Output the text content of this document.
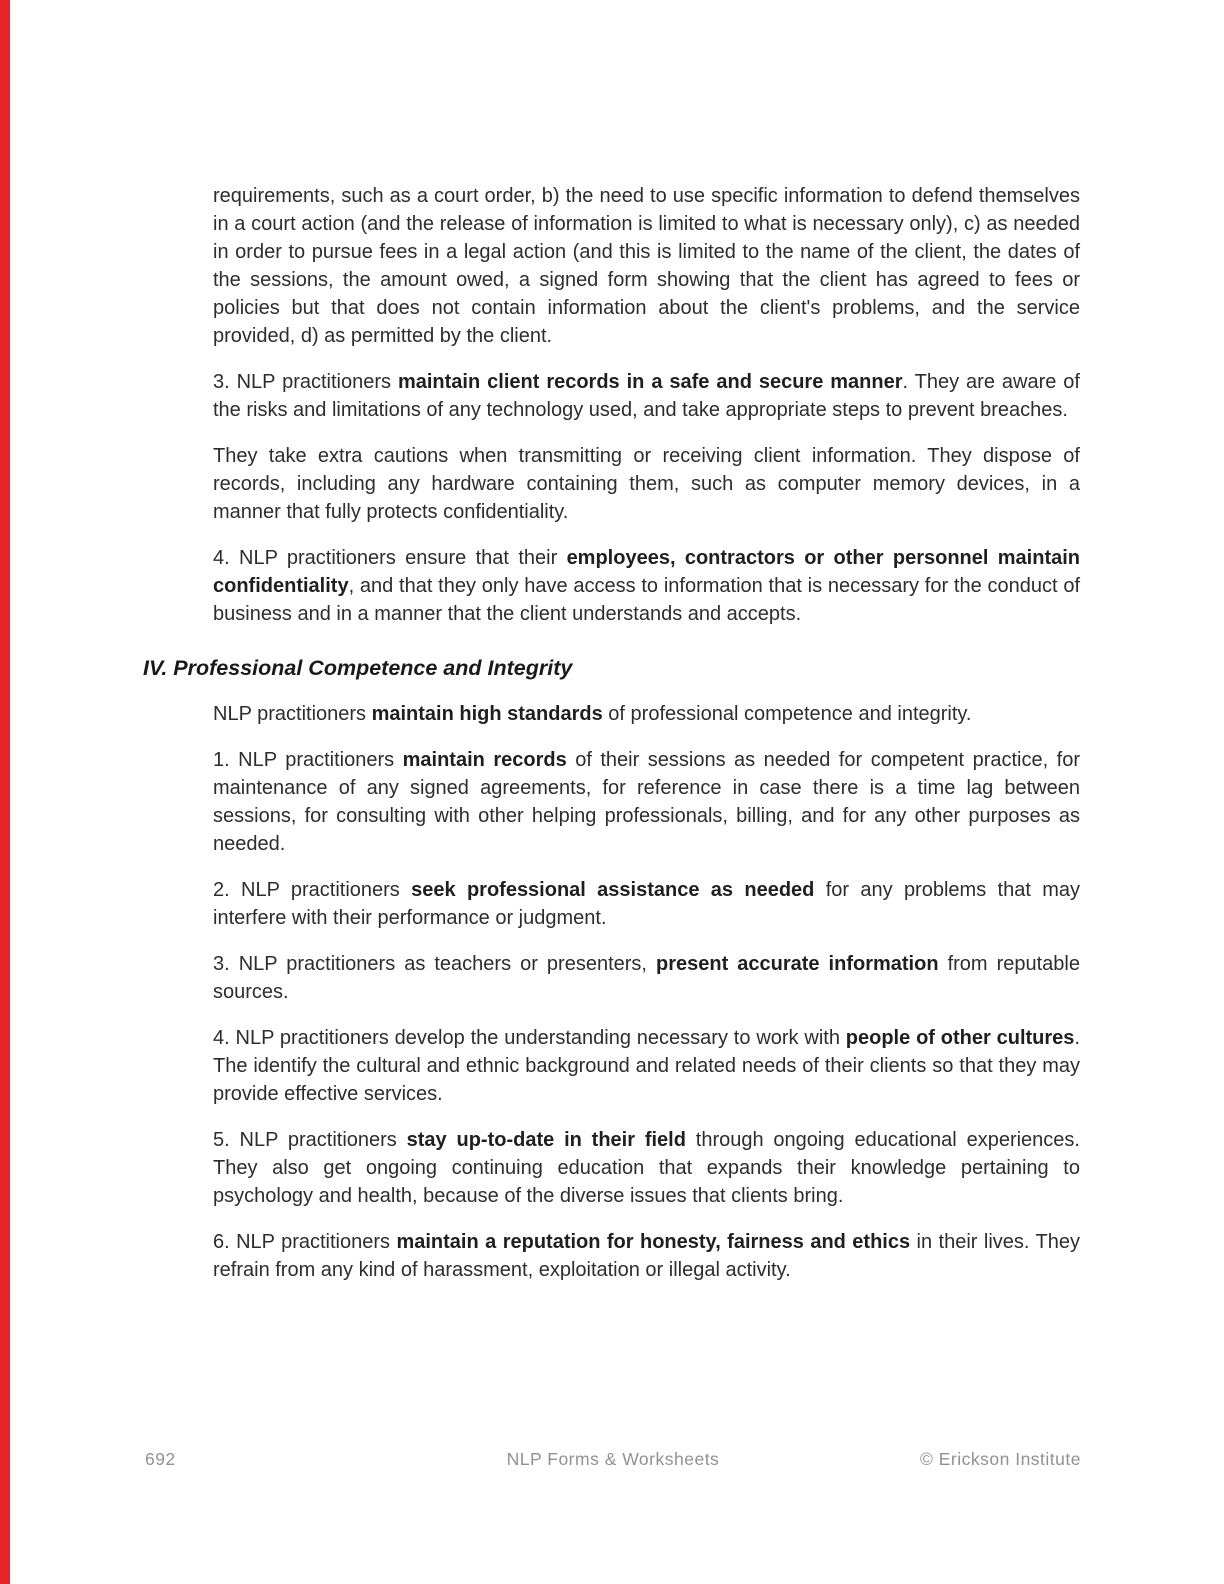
requirements, such as a court order, b) the need to use specific information to defend themselves in a court action (and the release of information is limited to what is necessary only), c) as needed in order to pursue fees in a legal action (and this is limited to the name of the client, the dates of the sessions, the amount owed, a signed form showing that the client has agreed to fees or policies but that does not contain information about the client's problems, and the service provided, d) as permitted by the client.

3. NLP practitioners maintain client records in a safe and secure manner. They are aware of the risks and limitations of any technology used, and take appropriate steps to prevent breaches.

They take extra cautions when transmitting or receiving client information. They dispose of records, including any hardware containing them, such as computer memory devices, in a manner that fully protects confidentiality.

4. NLP practitioners ensure that their employees, contractors or other personnel maintain confidentiality, and that they only have access to information that is necessary for the conduct of business and in a manner that the client understands and accepts.

IV. Professional Competence and Integrity

NLP practitioners maintain high standards of professional competence and integrity.

1. NLP practitioners maintain records of their sessions as needed for competent practice, for maintenance of any signed agreements, for reference in case there is a time lag between sessions, for consulting with other helping professionals, billing, and for any other purposes as needed.

2. NLP practitioners seek professional assistance as needed for any problems that may interfere with their performance or judgment.

3. NLP practitioners as teachers or presenters, present accurate information from reputable sources.

4. NLP practitioners develop the understanding necessary to work with people of other cultures. The identify the cultural and ethnic background and related needs of their clients so that they may provide effective services.

5. NLP practitioners stay up-to-date in their field through ongoing educational experiences. They also get ongoing continuing education that expands their knowledge pertaining to psychology and health, because of the diverse issues that clients bring.

6. NLP practitioners maintain a reputation for honesty, fairness and ethics in their lives. They refrain from any kind of harassment, exploitation or illegal activity.

692	NLP Forms & Worksheets	© Erickson Institute
